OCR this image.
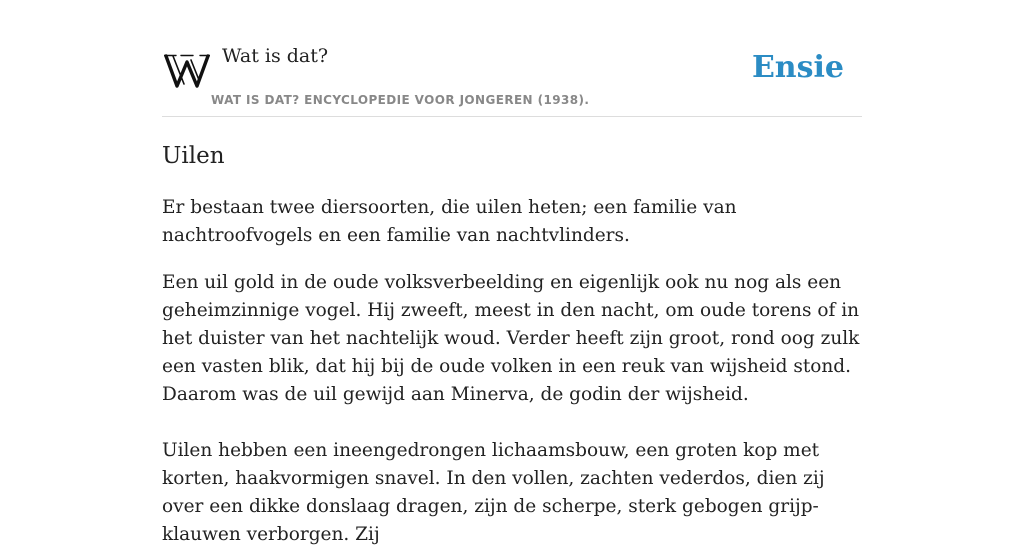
Wat is dat?
WAT IS DAT? ENCYCLOPEDIE VOOR JONGEREN (1938).
Ensie
Uilen

Er bestaan twee diersoorten, die uilen heten; een familie van nachtroofvogels en een familie van nachtvlinders.

Een uil gold in de oude volksverbeelding en eigenlijk ook nu nog als een geheimzinnige vogel. Hij zweeft, meest in den nacht, om oude torens of in het duister van het nachtelijk woud. Verder heeft zijn groot, rond oog zulk een vasten blik, dat hij bij de oude volken in een reuk van wijsheid stond. Daarom was de uil gewijd aan Minerva, de godin der wijsheid.

Uilen hebben een ineengedrongen lichaamsbouw, een groten kop met korten, haakvormigen snavel. In den vollen, zachten vederdos, dien zij over een dikke donslaag dragen, zijn de scherpe, sterk gebogen grijp-klauwen verborgen. Zij
